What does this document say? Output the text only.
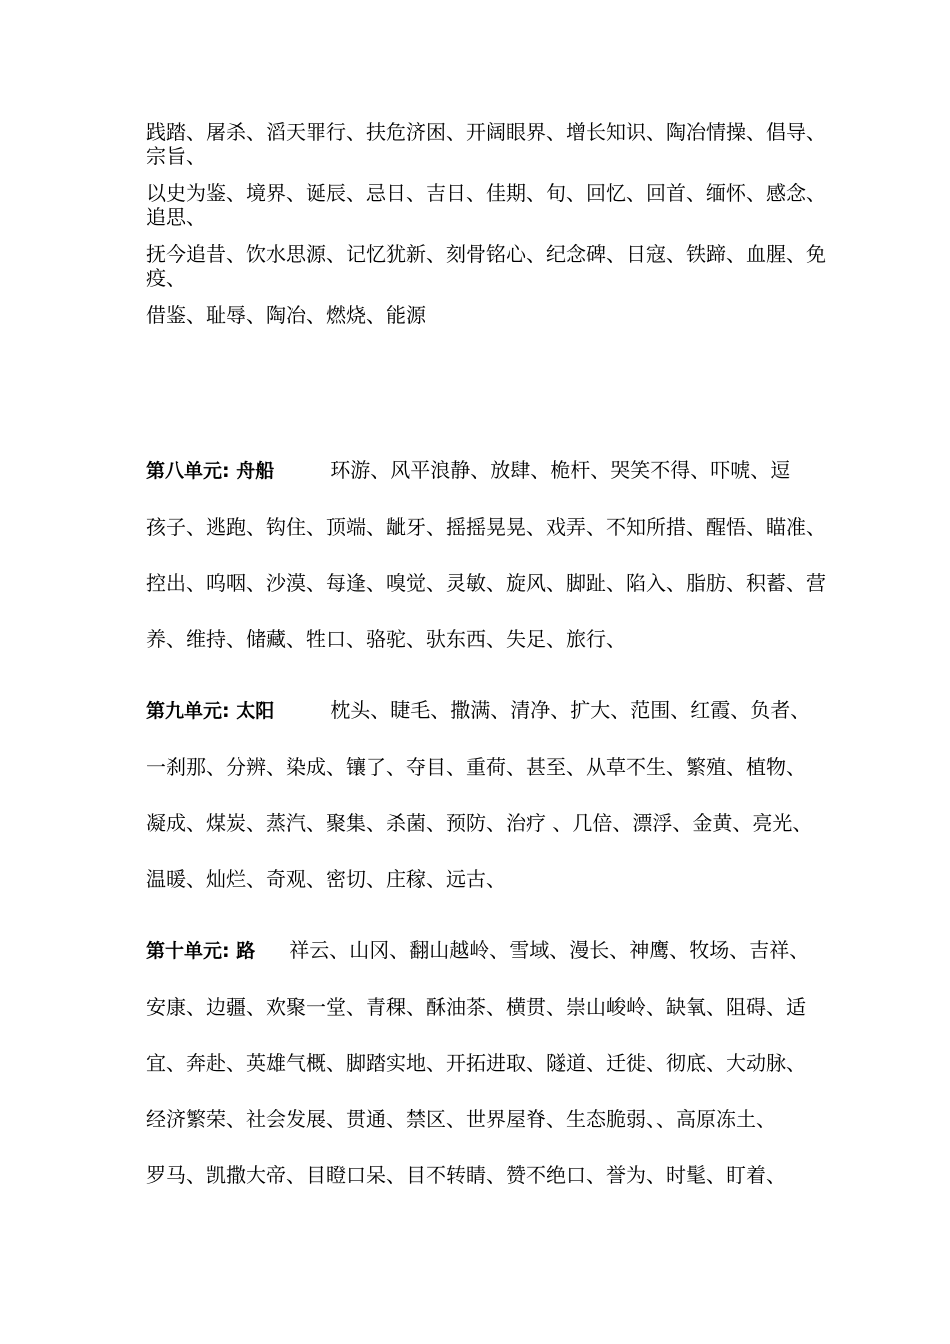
践踏、屠杀、滔天罪行、扶危济困、开阔眼界、增长知识、陶冶情操、倡导、宗旨、

以史为鉴、境界、诞辰、忌日、吉日、佳期、旬、回忆、回首、缅怀、感念、追思、

抚今追昔、饮水思源、记忆犹新、刻骨铭心、纪念碑、日寇、铁蹄、血腥、免疫、

借鉴、耻辱、陶冶、燃烧、能源

第八单元: 舟船	环游、风平浪静、放肆、桅杆、哭笑不得、吓唬、逗
孩子、逃跑、钩住、顶端、龇牙、摇摇晃晃、戏弄、不知所措、醒悟、瞄准、
控出、呜咽、沙漠、每逢、嗅觉、灵敏、旋风、脚趾、陷入、脂肪、积蓄、营
养、维持、储藏、牲口、骆驼、驮东西、失足、旅行、
第九单元: 太阳	枕头、睫毛、撒满、清净、扩大、范围、红霞、负者、
一刹那、分辨、染成、镶了、夺目、重荷、甚至、从草不生、繁殖、植物、
凝成、煤炭、蒸汽、聚集、杀菌、预防、治疗 、几倍、漂浮、金黄、亮光、
温暖、灿烂、奇观、密切、庄稼、远古、
第十单元: 路 祥云、山冈、翻山越岭、雪域、漫长、神鹰、牧场、吉祥、
安康、边疆、欢聚一堂、青稞、酥油茶、横贯、崇山峻岭、缺氧、阻碍、适
宜、奔赴、英雄气概、脚踏实地、开拓进取、隧道、迁徙、彻底、大动脉、
经济繁荣、社会发展、贯通、禁区、世界屋脊、生态脆弱、、高原冻土、
罗马、凯撒大帝、目瞪口呆、目不转睛、赞不绝口、誉为、时髦、盯着、
